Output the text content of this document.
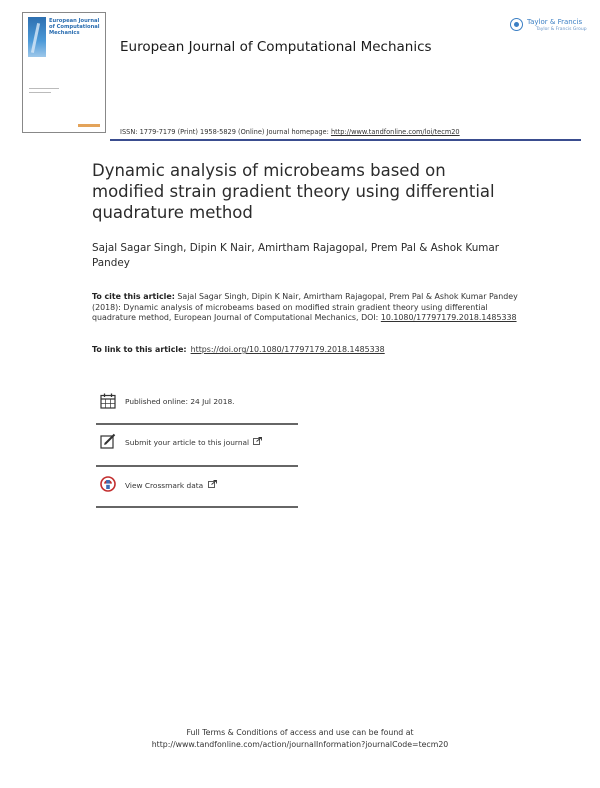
European Journal of Computational Mechanics

European Journal of Computational Mechanics
Taylor & Francis
Taylor & Francis Group
ISSN: 1779-7179 (Print) 1958-5829 (Online) Journal homepage: http://www.tandfonline.com/loi/tecm20
Dynamic analysis of microbeams based on modified strain gradient theory using differential quadrature method
Sajal Sagar Singh, Dipin K Nair, Amirtham Rajagopal, Prem Pal & Ashok Kumar Pandey
To cite this article: Sajal Sagar Singh, Dipin K Nair, Amirtham Rajagopal, Prem Pal & Ashok Kumar Pandey (2018): Dynamic analysis of microbeams based on modified strain gradient theory using differential quadrature method, European Journal of Computational Mechanics, DOI: 10.1080/17797179.2018.1485338
To link to this article: https://doi.org/10.1080/17797179.2018.1485338
Published online: 24 Jul 2018.
Submit your article to this journal
View Crossmark data
Full Terms & Conditions of access and use can be found at
http://www.tandfonline.com/action/journalInformation?journalCode=tecm20
